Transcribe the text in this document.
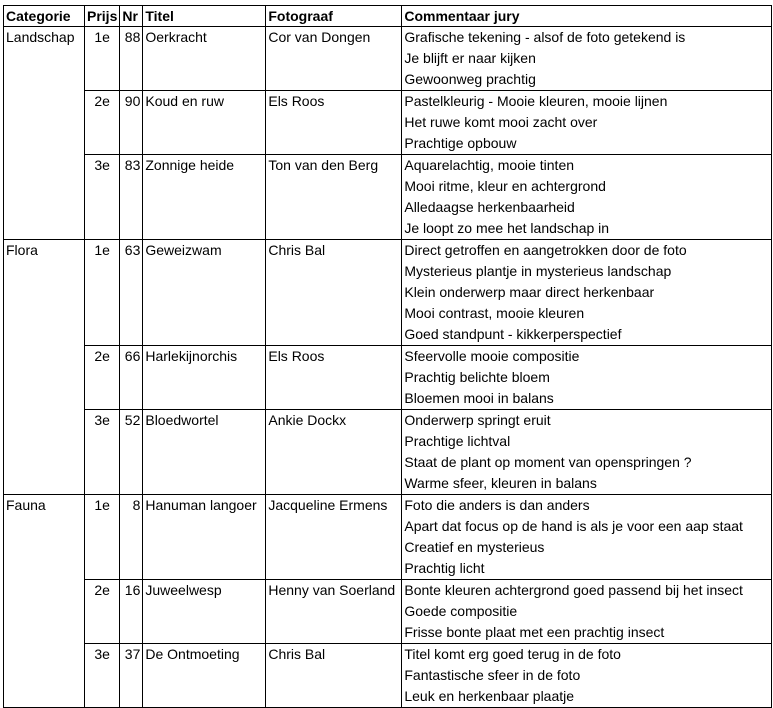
Categorie	Prijs	Nr	Titel	Fotograaf	Commentaar jury
Landschap	1e	88	Oerkracht	Cor van Dongen	Grafische tekening - alsof de foto getekend is
Je blijft er naar kijken
Gewoonweg prachtig

	2e	90	Koud en ruw	Els Roos	Pastelkleurig - Mooie kleuren, mooie lijnen
Het ruwe komt mooi zacht over
Prachtige opbouw

	3e	83	Zonnige heide	Ton van den Berg	Aquarelachtig, mooie tinten
Mooi ritme, kleur en achtergrond
Alledaagse herkenbaarheid
Je loopt zo mee het landschap in

Flora	1e	63	Geweizwam	Chris Bal	Direct getroffen en aangetrokken door de foto
Mysterieus plantje in mysterieus landschap
Klein onderwerp maar direct herkenbaar
Mooi contrast, mooie kleuren
Goed standpunt - kikkerperspectief

	2e	66	Harlekijnorchis	Els Roos	Sfeervolle mooie compositie
Prachtig belichte bloem
Bloemen mooi in balans

	3e	52	Bloedwortel	Ankie Dockx	Onderwerp springt eruit
Prachtige lichtval
Staat de plant op moment van openspringen ?
Warme sfeer, kleuren in balans

Fauna	1e	8	Hanuman langoer	Jacqueline Ermens	Foto die anders is dan anders
Apart dat focus op de hand is als je voor een aap staat
Creatief en mysterieus
Prachtig licht

	2e	16	Juweelwesp	Henny van Soerland	Bonte kleuren achtergrond goed passend bij het insect
Goede compositie
Frisse bonte plaat met een prachtig insect

	3e	37	De Ontmoeting	Chris Bal	Titel komt erg goed terug in de foto
Fantastische sfeer in de foto
Leuk en herkenbaar plaatje
